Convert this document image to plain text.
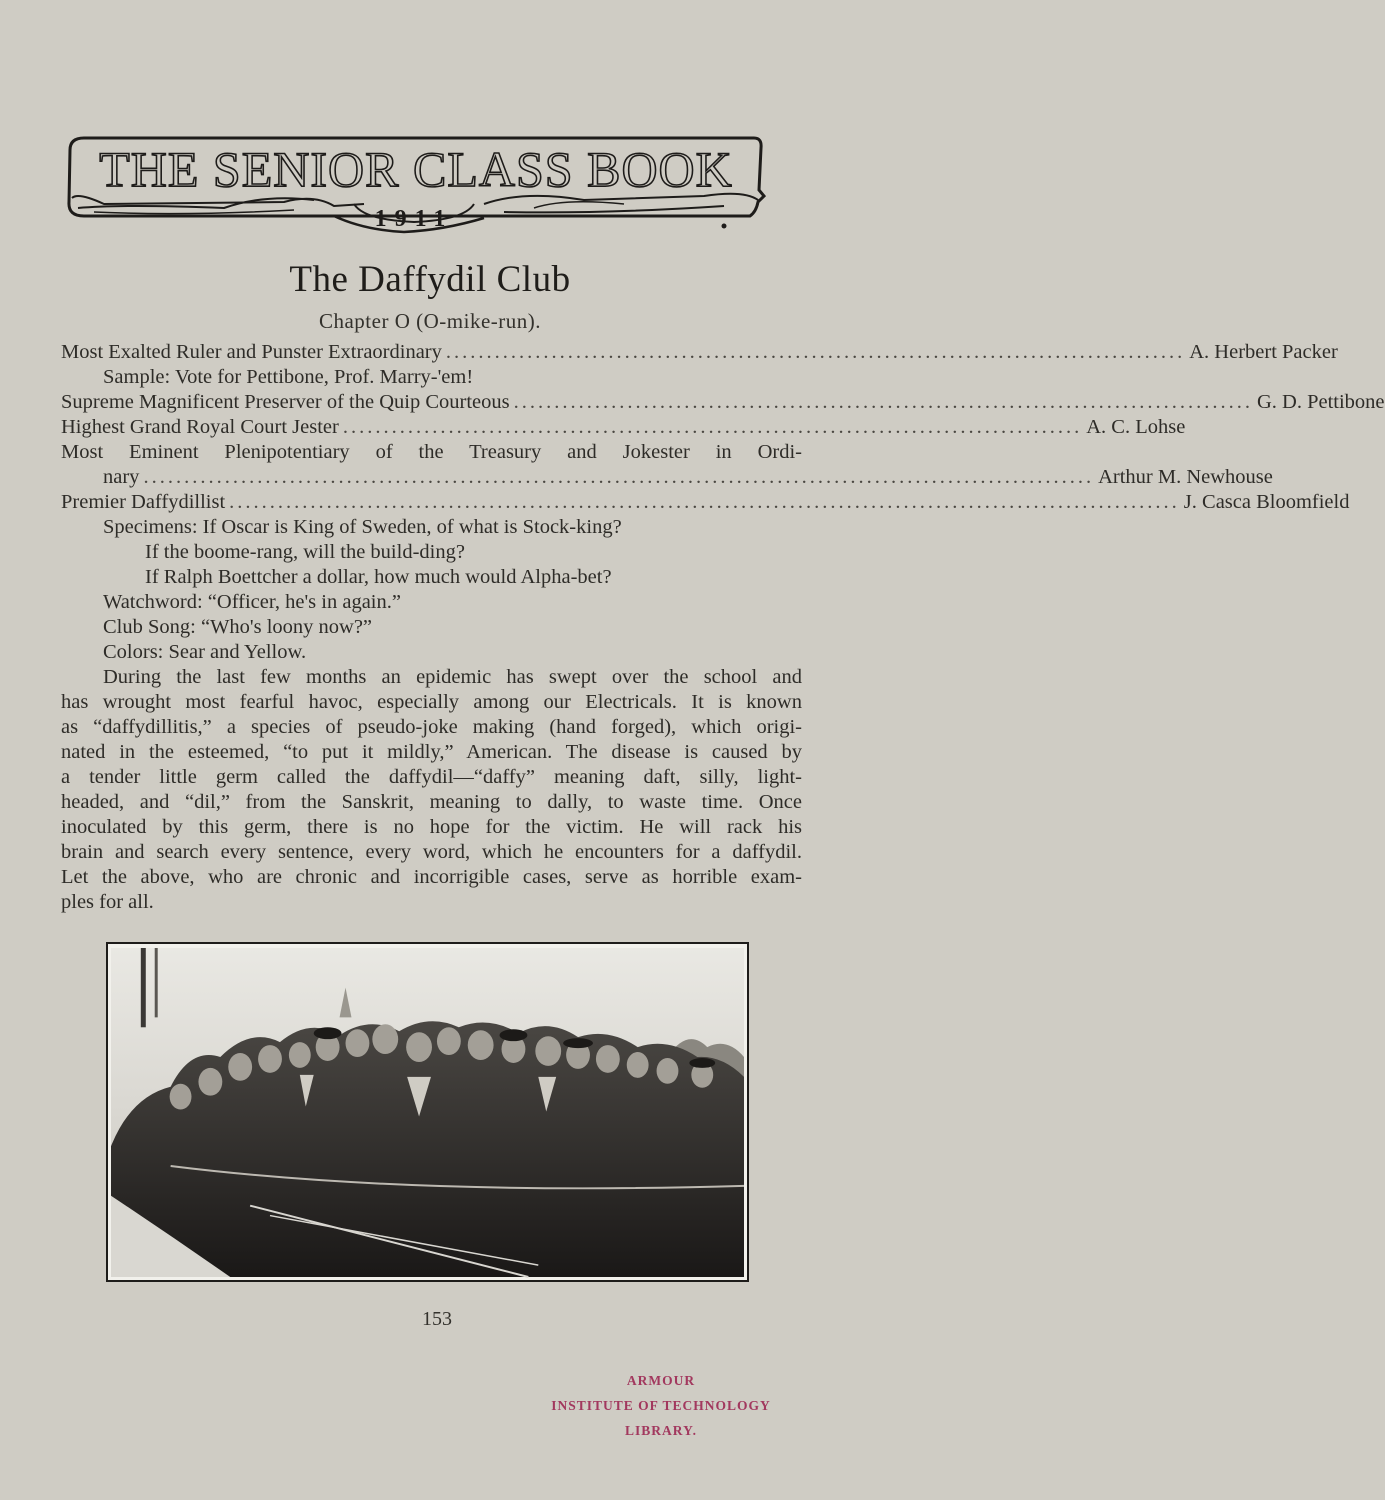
THE SENIOR CLASS BOOK
1911
The Daffydil Club
Chapter O (O-mike-run).
Most Exalted Ruler and Punster Extraordinary ........................................................................................... A. Herbert Packer
Sample: Vote for Pettibone, Prof. Marry-'em!
Supreme Magnificent Preserver of the Quip Courteous ........................................................................................... G. D. Pettibone
Highest Grand Royal Court Jester ........................................................................................... A. C. Lohse
Most Eminent Plenipotentiary of the Treasury and Jokester in Ordi-
nary ..................................................................................................................... Arthur M. Newhouse
Premier Daffydillist ..................................................................................................................... J. Casca Bloomfield
Specimens: If Oscar is King of Sweden, of what is Stock-king?
If the boome-rang, will the build-ding?
If Ralph Boettcher a dollar, how much would Alpha-bet?
Watchword: “Officer, he's in again.”
Club Song: “Who's loony now?”
Colors: Sear and Yellow.
During the last few months an epidemic has swept over the school and
has wrought most fearful havoc, especially among our Electricals. It is known
as “daffydillitis,” a species of pseudo-joke making (hand forged), which origi-
nated in the esteemed, “to put it mildly,” American. The disease is caused by
a tender little germ called the daffydil—“daffy” meaning daft, silly, light-
headed, and “dil,” from the Sanskrit, meaning to dally, to waste time. Once
inoculated by this germ, there is no hope for the victim. He will rack his
brain and search every sentence, every word, which he encounters for a daffydil.
Let the above, who are chronic and incorrigible cases, serve as horrible exam-
ples for all.
153
ARMOUR
INSTITUTE OF TECHNOLOGY
LIBRARY.
